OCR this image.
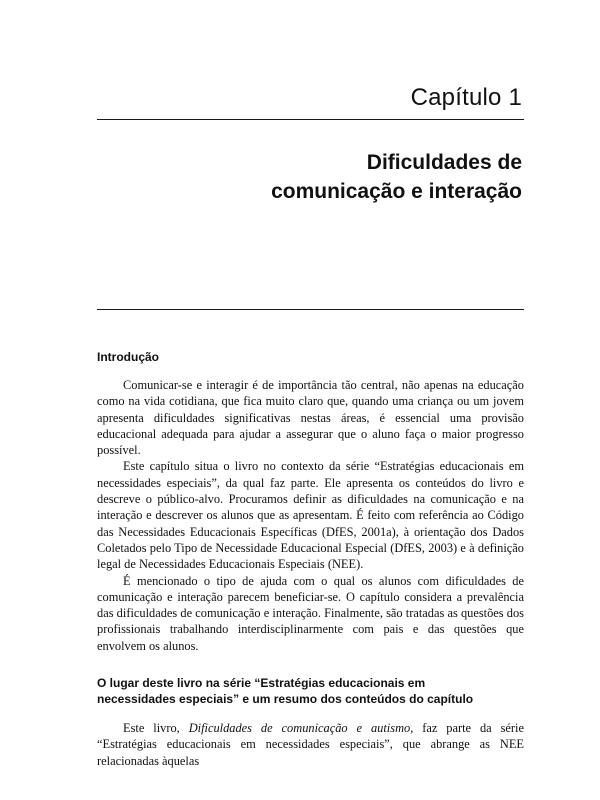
Capítulo 1
Dificuldades de
comunicação e interação
Introdução

Comunicar-se e interagir é de importância tão central, não apenas na educação como na vida cotidiana, que fica muito claro que, quando uma criança ou um jovem apresenta dificuldades significativas nestas áreas, é essencial uma provisão educacional adequada para ajudar a assegurar que o aluno faça o maior progresso possível.

Este capítulo situa o livro no contexto da série “Estratégias educacionais em necessidades especiais”, da qual faz parte. Ele apresenta os conteúdos do livro e descreve o público-alvo. Procuramos definir as dificuldades na comunicação e na interação e descrever os alunos que as apresentam. É feito com referência ao Código das Necessidades Educacionais Específicas (DfES, 2001a), à orientação dos Dados Coletados pelo Tipo de Necessidade Educacional Especial (DfES, 2003) e à definição legal de Necessidades Educacionais Especiais (NEE).

É mencionado o tipo de ajuda com o qual os alunos com dificuldades de comunicação e interação parecem beneficiar-se. O capítulo considera a prevalência das dificuldades de comunicação e interação. Finalmente, são tratadas as questões dos profissionais trabalhando interdisciplinarmente com pais e das questões que envolvem os alunos.

O lugar deste livro na série “Estratégias educacionais em
necessidades especiais” e um resumo dos conteúdos do capítulo

Este livro, Dificuldades de comunicação e autismo, faz parte da série “Estratégias educacionais em necessidades especiais”, que abrange as NEE relacionadas àquelas
